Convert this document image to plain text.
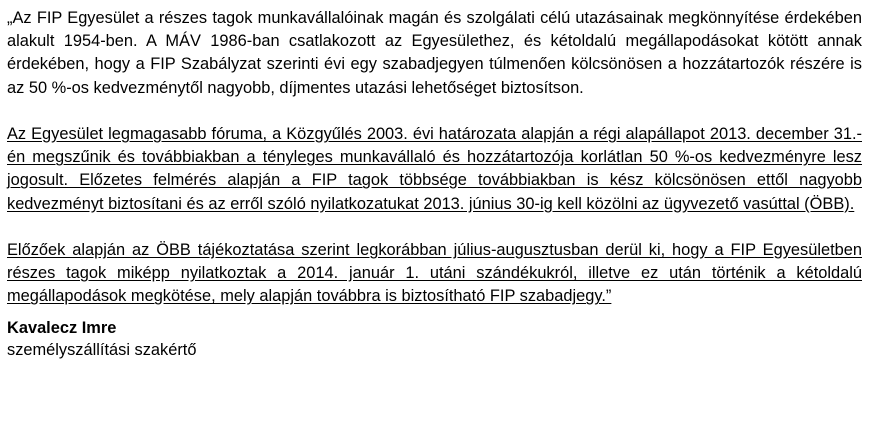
„Az FIP Egyesület a részes tagok munkavállalóinak magán és szolgálati célú utazásainak megkönnyítése érdekében alakult 1954-ben. A MÁV 1986-ban csatlakozott az Egyesülethez, és kétoldalú megállapodásokat kötött annak érdekében, hogy a FIP Szabályzat szerinti évi egy szabadjegyen túlmenően kölcsönösen a hozzátartozók részére is az 50 %-os kedvezménytől nagyobb, díjmentes utazási lehetőséget biztosítson.

Az Egyesület legmagasabb fóruma, a Közgyűlés 2003. évi határozata alapján a régi alapállapot 2013. december 31.-én megszűnik és továbbiakban a tényleges munkavállaló és hozzátartozója korlátlan 50 %-os kedvezményre lesz jogosult. Előzetes felmérés alapján a FIP tagok többsége továbbiakban is kész kölcsönösen ettől nagyobb kedvezményt biztosítani és az erről szóló nyilatkozatukat 2013. június 30-ig kell közölni az ügyvezető vasúttal (ÖBB).

Előzőek alapján az ÖBB tájékoztatása szerint legkorábban július-augusztusban derül ki, hogy a FIP Egyesületben részes tagok miképp nyilatkoztak a 2014. január 1. utáni szándékukról, illetve ez után történik a kétoldalú megállapodások megkötése, mely alapján továbbra is biztosítható FIP szabadjegy.”

Kavalecz Imre
személyszállítási szakértő
